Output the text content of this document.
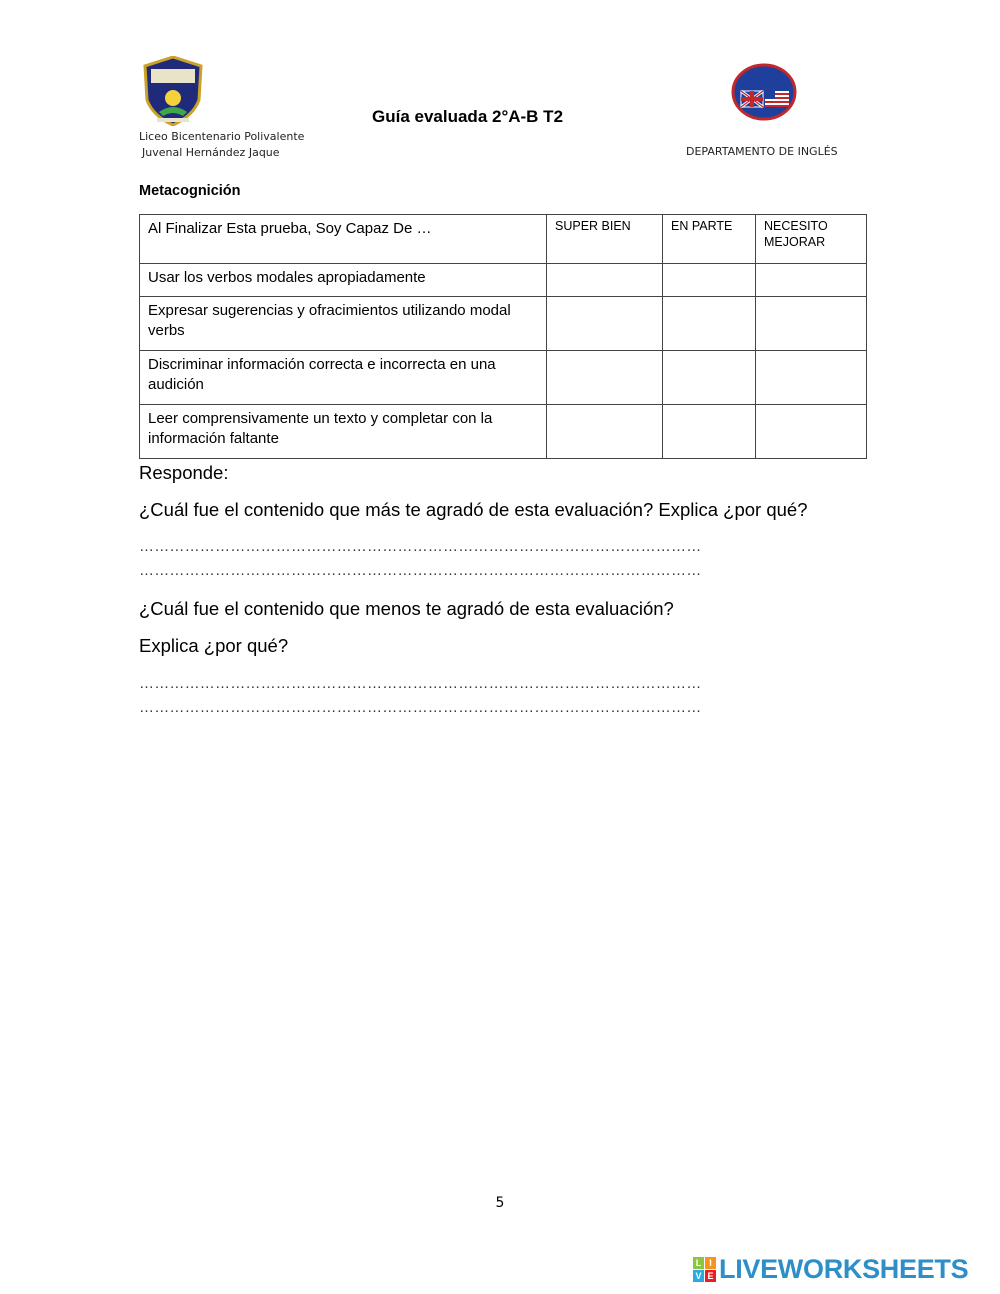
Guía evaluada 2°A-B T2
Liceo Bicentenario Polivalente
Juvenal Hernández Jaque	DEPARTAMENTO DE INGLÉS
Metacognición
Al Finalizar Esta prueba, Soy Capaz De …	SUPER BIEN	EN PARTE	NECESITO MEJORAR
Usar los verbos modales apropiadamente			
Expresar sugerencias y ofracimientos utilizando modal verbs			
Discriminar información correcta e incorrecta en una audición			
Leer comprensivamente un texto y completar con la información faltante			
Responde:
¿Cuál fue el contenido que más te agradó de esta evaluación? Explica ¿por qué?
…………………………………………………………………………………………………
…………………………………………………………………………………………………
¿Cuál fue el contenido que menos te agradó de esta evaluación?
Explica ¿por qué?
…………………………………………………………………………………………………
…………………………………………………………………………………………………
5
L I
V E LIVEWORKSHEETS
